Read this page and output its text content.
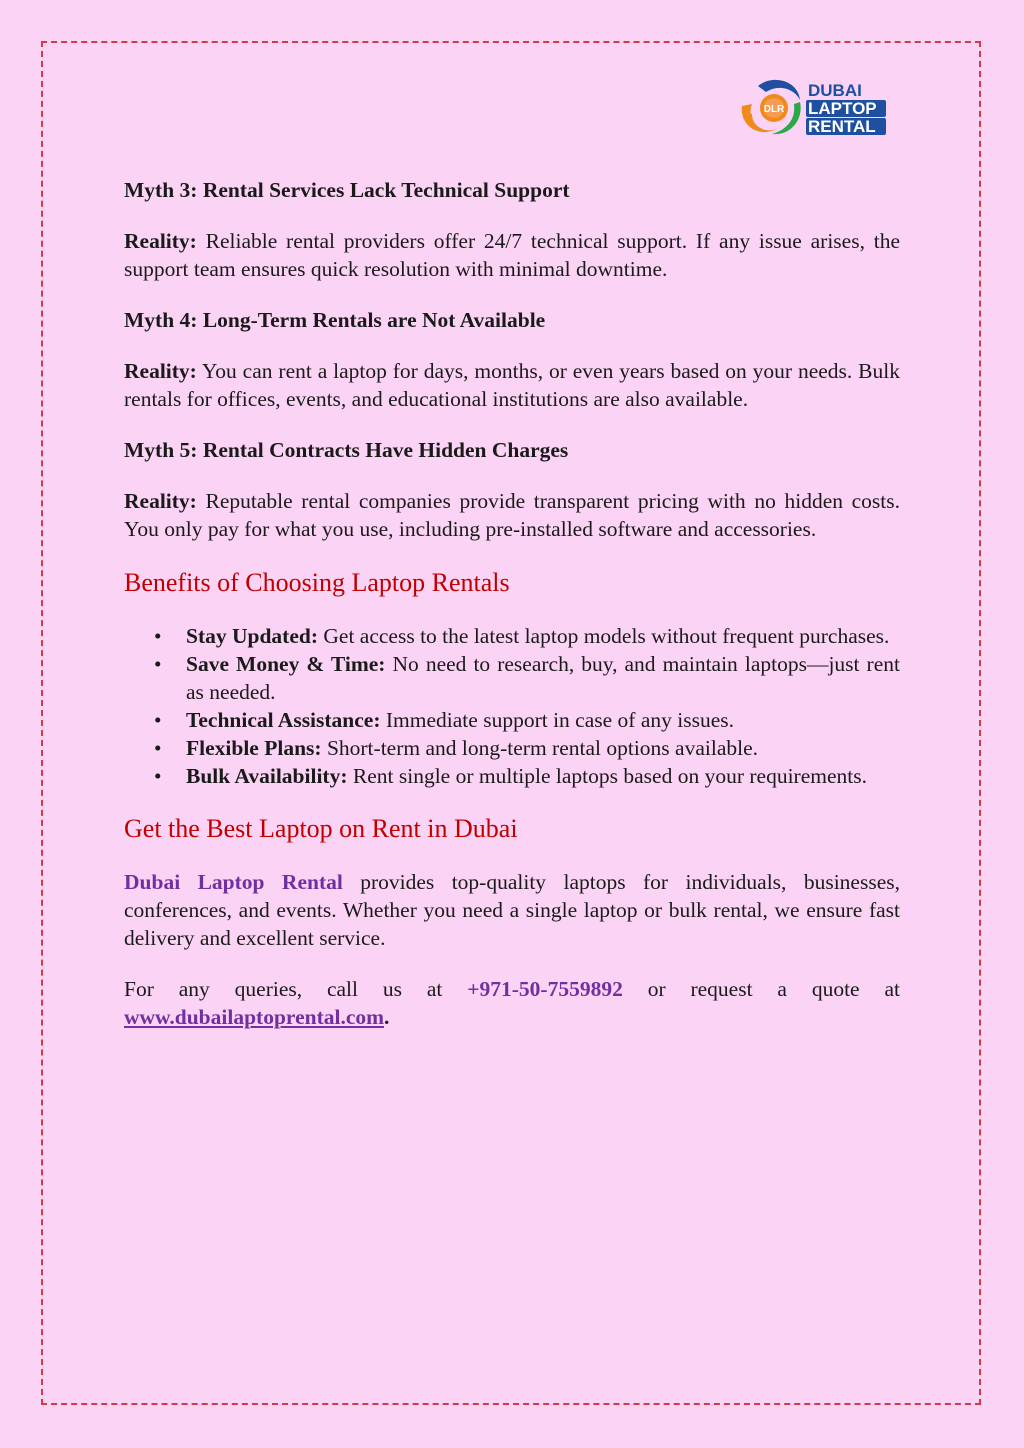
DLR
DUBAI
LAPTOP
RENTAL

Myth 3: Rental Services Lack Technical Support

Reality: Reliable rental providers offer 24/7 technical support. If any issue arises, the support team ensures quick resolution with minimal downtime.

Myth 4: Long-Term Rentals are Not Available

Reality: You can rent a laptop for days, months, or even years based on your needs. Bulk rentals for offices, events, and educational institutions are also available.

Myth 5: Rental Contracts Have Hidden Charges

Reality: Reputable rental companies provide transparent pricing with no hidden costs. You only pay for what you use, including pre-installed software and accessories.

Benefits of Choosing Laptop Rentals
• Stay Updated: Get access to the latest laptop models without frequent purchases.
• Save Money & Time: No need to research, buy, and maintain laptops—just rent as needed.
• Technical Assistance: Immediate support in case of any issues.
• Flexible Plans: Short-term and long-term rental options available.
• Bulk Availability: Rent single or multiple laptops based on your requirements.
Get the Best Laptop on Rent in Dubai

Dubai Laptop Rental provides top-quality laptops for individuals, businesses, conferences, and events. Whether you need a single laptop or bulk rental, we ensure fast delivery and excellent service.

For any queries, call us at +971-50-7559892 or request a quote at
www.dubailaptoprental.com.
